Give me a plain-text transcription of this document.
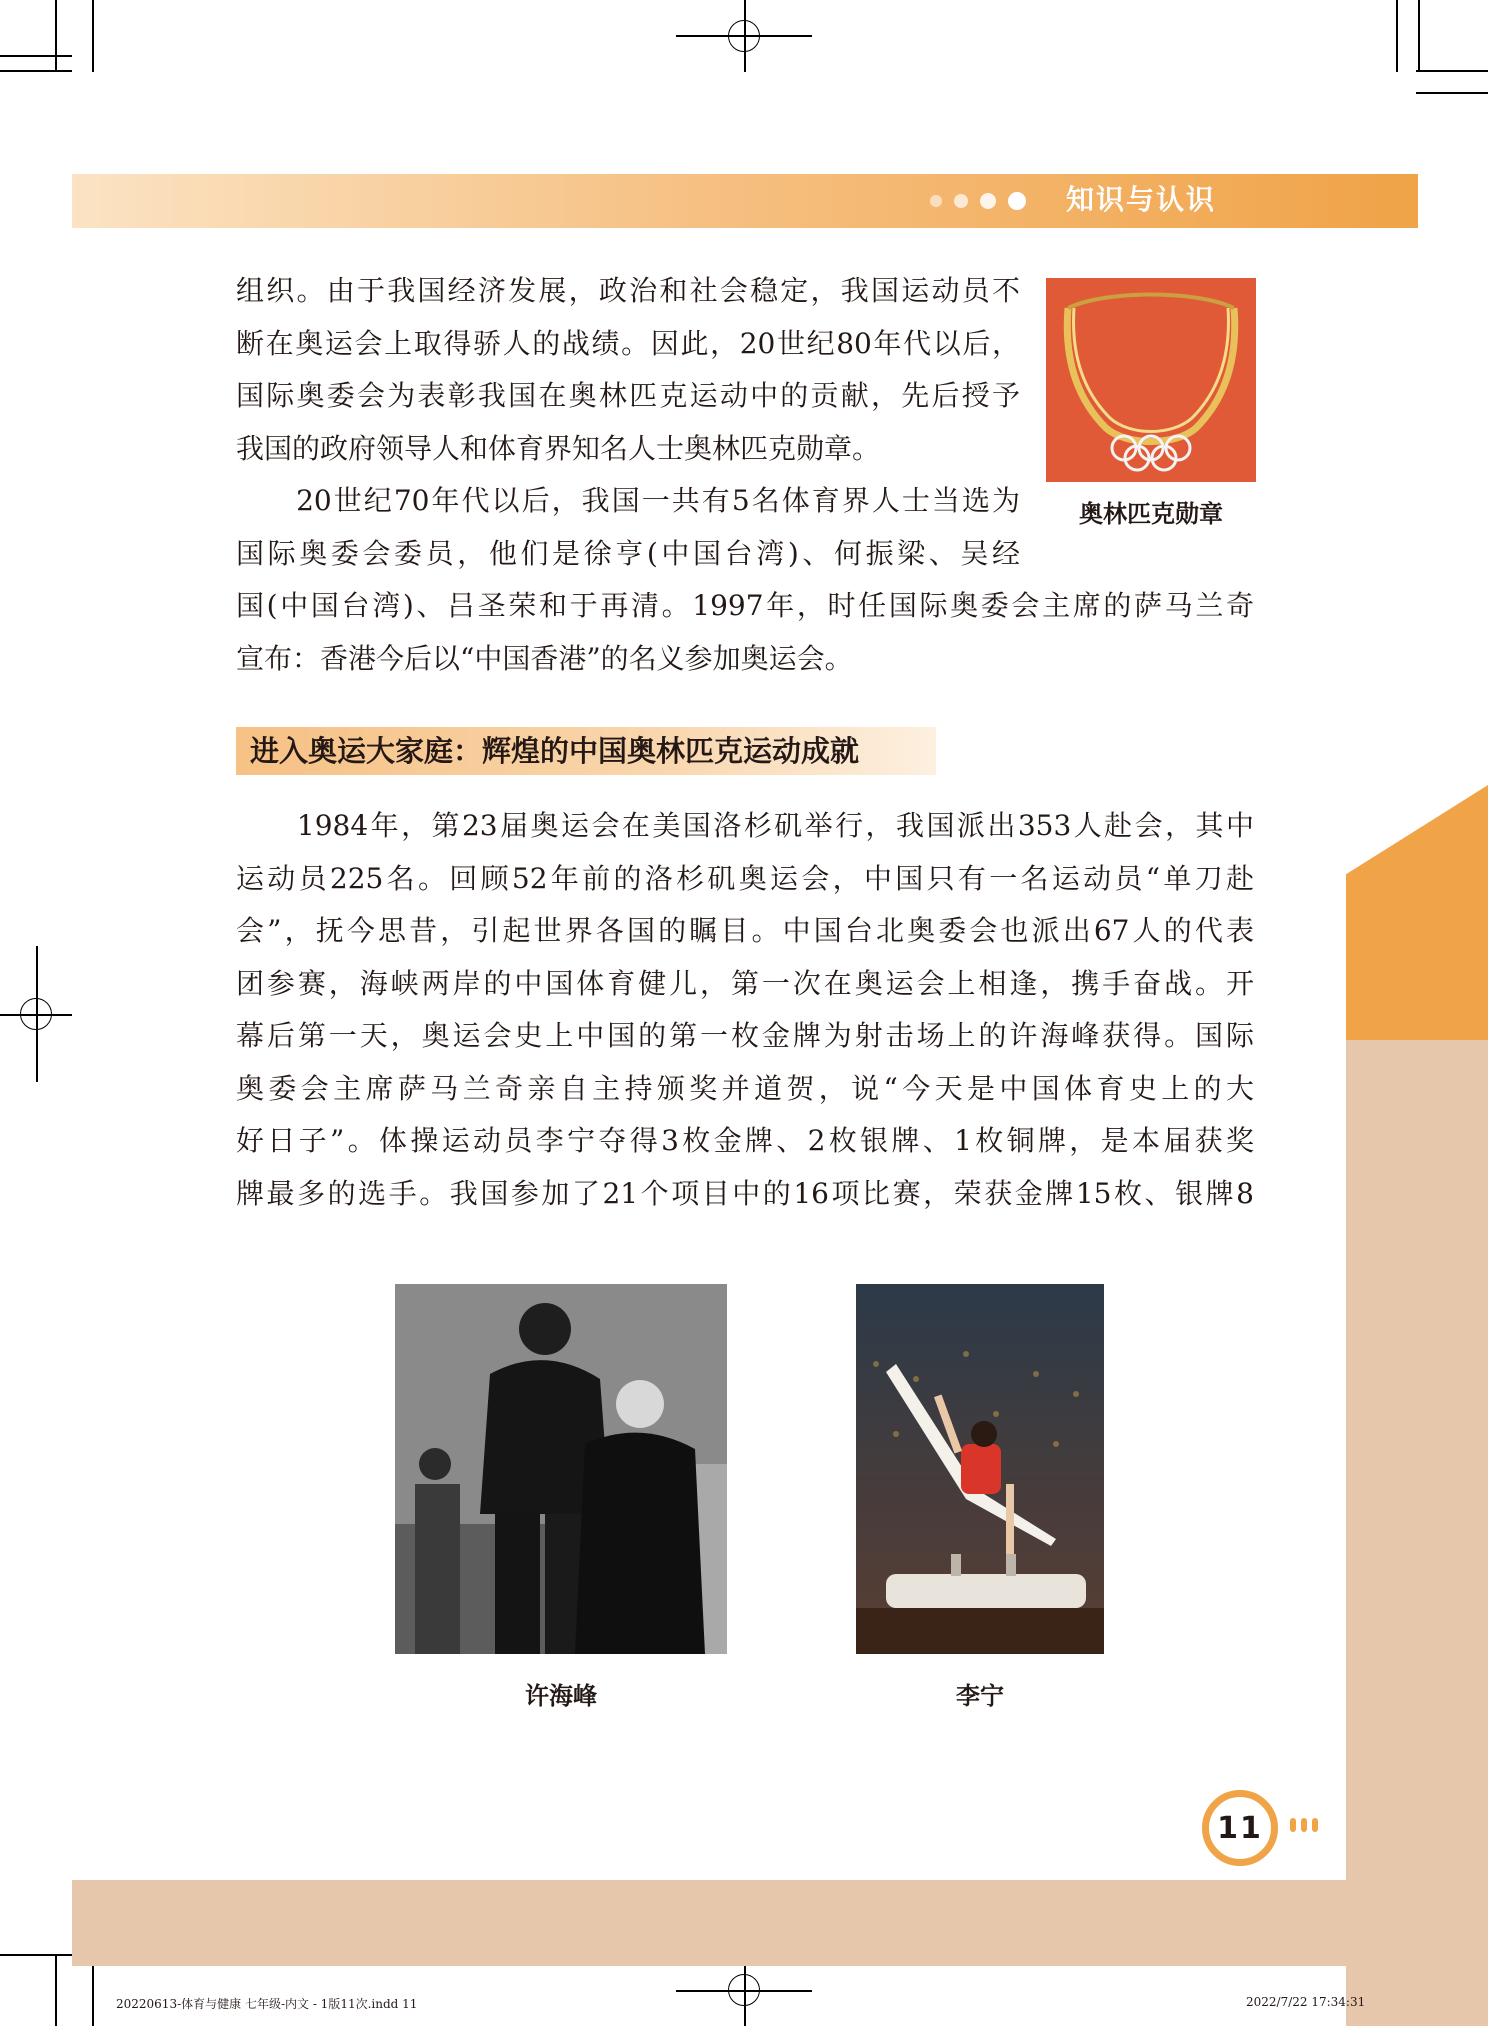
知识与认识
组织。由于我国经济发展，政治和社会稳定，我国运动员不
断在奥运会上取得骄人的战绩。因此，20世纪80年代以后，
国际奥委会为表彰我国在奥林匹克运动中的贡献，先后授予
我国的政府领导人和体育界知名人士奥林匹克勋章。
　　20世纪70年代以后，我国一共有5名体育界人士当选为
国际奥委会委员，他们是徐亨(中国台湾)、何振梁、吴经
国(中国台湾)、吕圣荣和于再清。1997年，时任国际奥委会主席的萨马兰奇
宣布：香港今后以“中国香港”的名义参加奥运会。
奥林匹克勋章
进入奥运大家庭：辉煌的中国奥林匹克运动成就
　　1984年，第23届奥运会在美国洛杉矶举行，我国派出353人赴会，其中
运动员225名。回顾52年前的洛杉矶奥运会，中国只有一名运动员“单刀赴
会”，抚今思昔，引起世界各国的瞩目。中国台北奥委会也派出67人的代表
团参赛，海峡两岸的中国体育健儿，第一次在奥运会上相逢，携手奋战。开
幕后第一天，奥运会史上中国的第一枚金牌为射击场上的许海峰获得。国际
奥委会主席萨马兰奇亲自主持颁奖并道贺，说“今天是中国体育史上的大
好日子”。体操运动员李宁夺得3枚金牌、2枚银牌、1枚铜牌，是本届获奖
牌最多的选手。我国参加了21个项目中的16项比赛，荣获金牌15枚、银牌8
许海峰	李宁
11
20220613-体育与健康 七年级-内文 - 1版11次.indd 11	2022/7/22 17:34:31
